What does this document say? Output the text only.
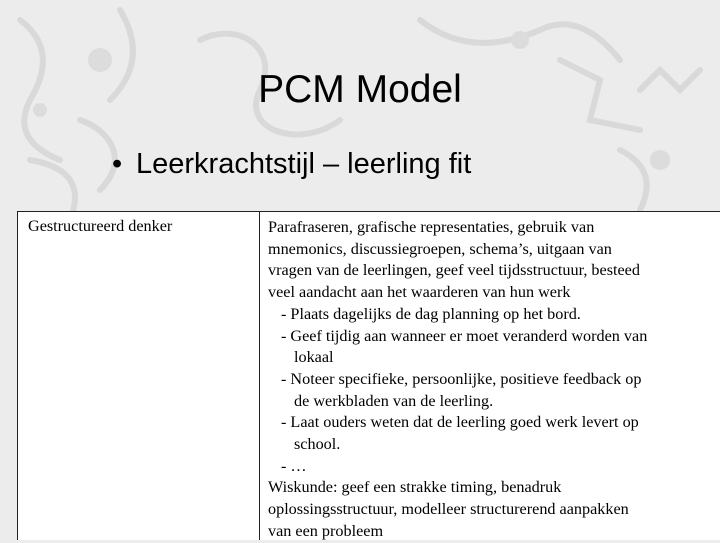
PCM Model
• Leerkrachtstijl – leerling fit
Gestructureerd denker	Parafraseren, grafische representaties, gebruik van
mnemonics, discussiegroepen, schema’s, uitgaan van
vragen van de leerlingen, geef veel tijdsstructuur, besteed
veel aandacht aan het waarderen van hun werk
- Plaats dagelijks de dag planning op het bord.
- Geef tijdig aan wanneer er moet veranderd worden van
lokaal
- Noteer specifieke, persoonlijke, positieve feedback op
de werkbladen van de leerling.
- Laat ouders weten dat de leerling goed werk levert op
school.
- …
Wiskunde: geef een strakke timing, benadruk
oplossingsstructuur, modelleer structurerend aanpakken
van een probleem
